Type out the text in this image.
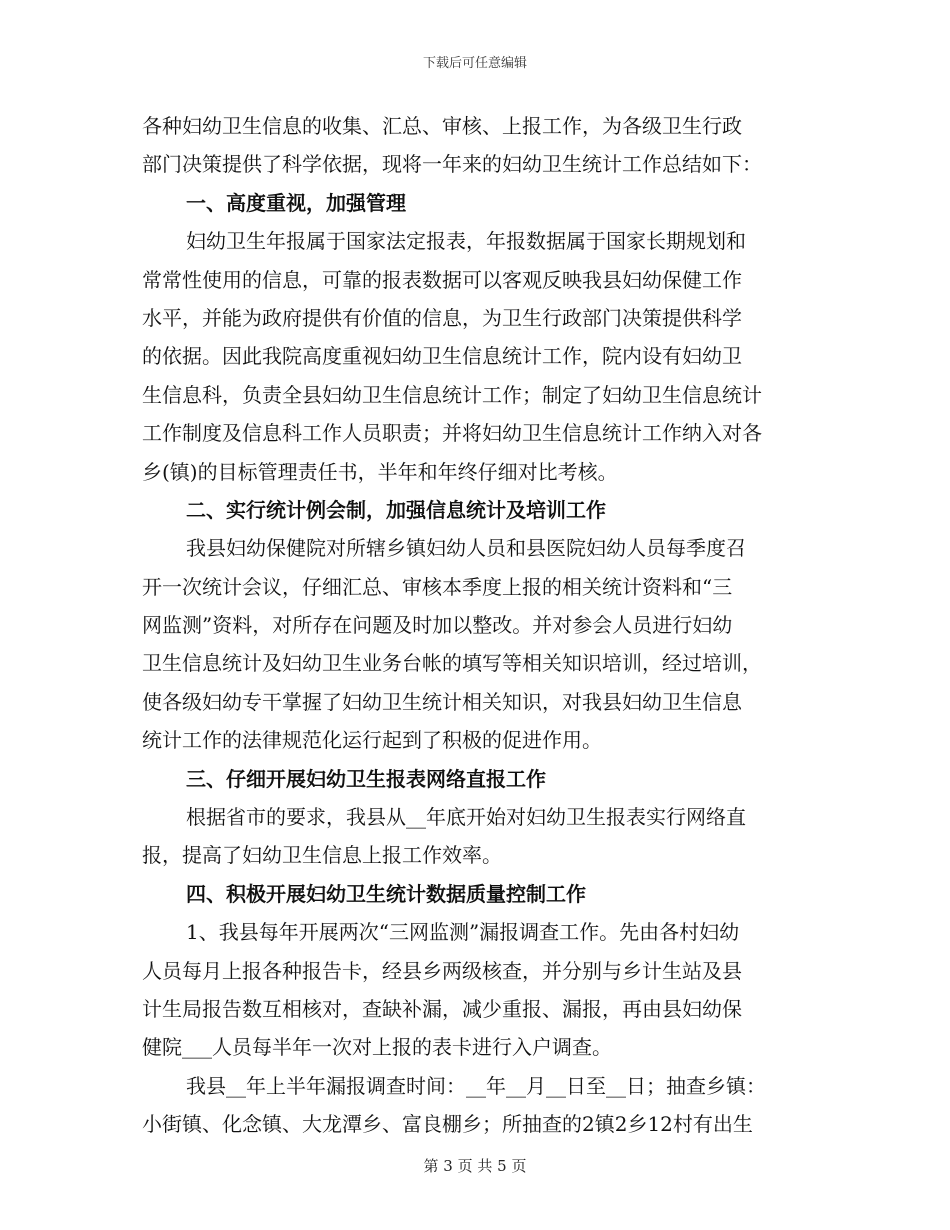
下载后可任意编辑
各种妇幼卫生信息的收集、汇总、审核、上报工作，为各级卫生行政
部门决策提供了科学依据，现将一年来的妇幼卫生统计工作总结如下：
一、高度重视，加强管理
妇幼卫生年报属于国家法定报表，年报数据属于国家长期规划和
常常性使用的信息，可靠的报表数据可以客观反映我县妇幼保健工作
水平，并能为政府提供有价值的信息，为卫生行政部门决策提供科学
的依据。因此我院高度重视妇幼卫生信息统计工作，院内设有妇幼卫
生信息科，负责全县妇幼卫生信息统计工作；制定了妇幼卫生信息统计
工作制度及信息科工作人员职责；并将妇幼卫生信息统计工作纳入对各
乡(镇)的目标管理责任书，半年和年终仔细对比考核。
二、实行统计例会制，加强信息统计及培训工作
我县妇幼保健院对所辖乡镇妇幼人员和县医院妇幼人员每季度召
开一次统计会议，仔细汇总、审核本季度上报的相关统计资料和“三
网监测”资料，对所存在问题及时加以整改。并对参会人员进行妇幼
卫生信息统计及妇幼卫生业务台帐的填写等相关知识培训，经过培训，
使各级妇幼专干掌握了妇幼卫生统计相关知识，对我县妇幼卫生信息
统计工作的法律规范化运行起到了积极的促进作用。
三、仔细开展妇幼卫生报表网络直报工作
根据省市的要求，我县从__年底开始对妇幼卫生报表实行网络直
报，提高了妇幼卫生信息上报工作效率。
四、积极开展妇幼卫生统计数据质量控制工作
1、我县每年开展两次“三网监测”漏报调查工作。先由各村妇幼
人员每月上报各种报告卡，经县乡两级核查，并分别与乡计生站及县
计生局报告数互相核对，查缺补漏，减少重报、漏报，再由县妇幼保
健院___人员每半年一次对上报的表卡进行入户调查。
我县__年上半年漏报调查时间：__年__月__日至__日；抽查乡镇：
小街镇、化念镇、大龙潭乡、富良棚乡；所抽查的2镇2乡12村有出生
第 3 页 共 5 页
